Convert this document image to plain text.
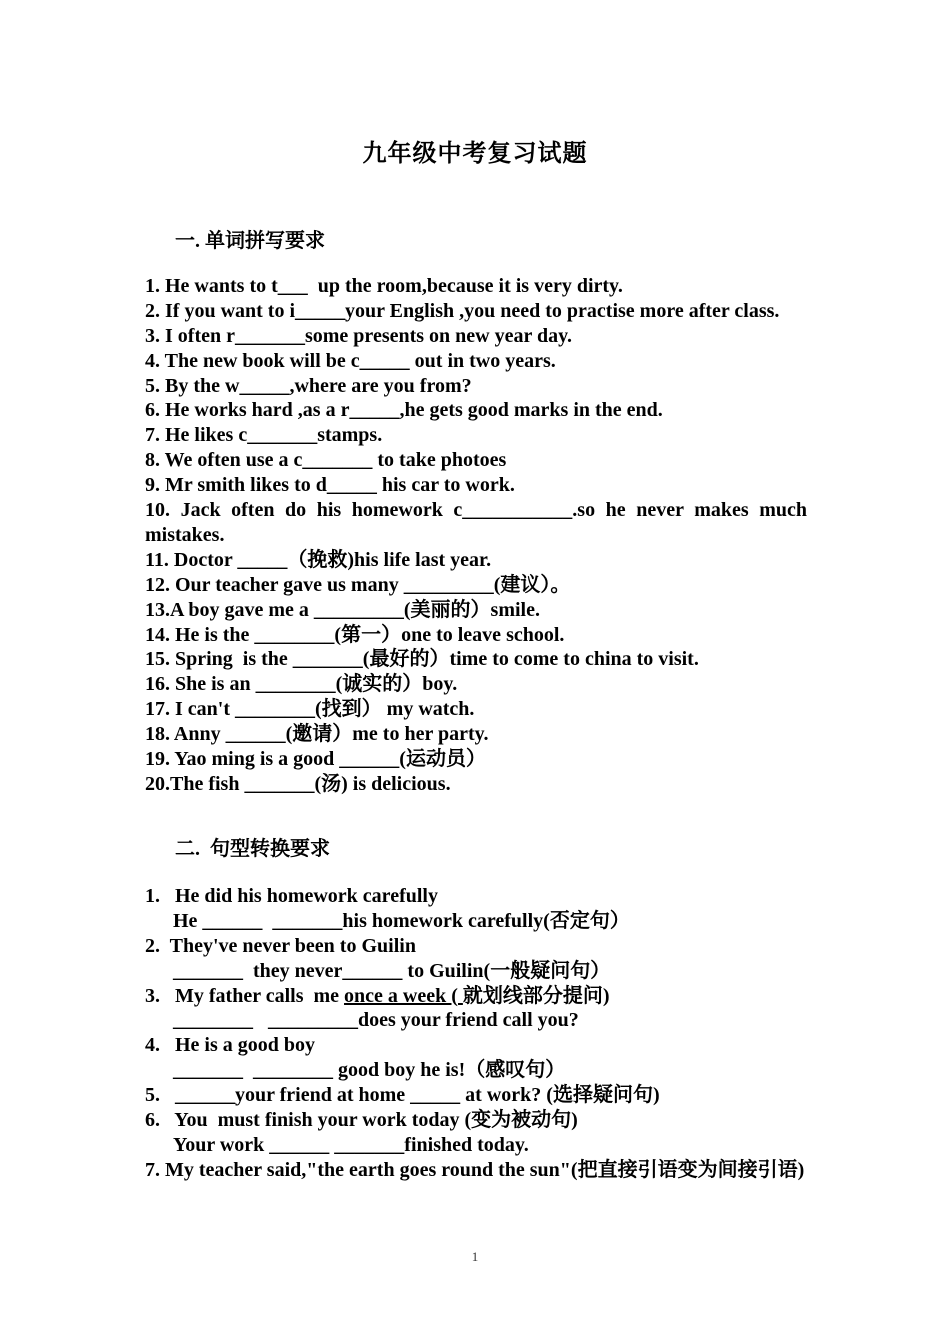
九年级中考复习试题
一. 单词拼写要求
1. He wants to t___  up the room,because it is very dirty.
2. If you want to i_____your English ,you need to practise more after class.
3. I often r_______some presents on new year day.
4. The new book will be c_____ out in two years.
5. By the w_____,where are you from?
6. He works hard ,as a r_____,he gets good marks in the end.
7. He likes c_______stamps.
8. We often use a c_______ to take photoes
9. Mr smith likes to d_____ his car to work.
10. Jack often do his homework c___________.so he never makes much mistakes.
11. Doctor _____（挽救)his life last year.
12. Our teacher gave us many _________(建议）。
13.A boy gave me a _________(美丽的）smile.
14. He is the ________(第一）one to leave school.
15. Spring  is the _______(最好的）time to come to china to visit.
16. She is an ________(诚实的）boy.
17. I can't ________(找到） my watch.
18. Anny ______(邀请）me to her party.
19. Yao ming is a good ______(运动员）
20.The fish _______(汤) is delicious.
二.  句型转换要求
1.   He did his homework carefully
He ______  _______his homework carefully(否定句）
2.  They've never been to Guilin
_______  they never______ to Guilin(一般疑问句）
3.   My father calls  me once a week ( 就划线部分提问)
________   _________does your friend call you?
4.   He is a good boy
_______  ________ good boy he is!（感叹句）
5.   ______your friend at home _____ at work? (选择疑问句)
6.   You  must finish your work today (变为被动句)
Your work ______ _______finished today.
7. My teacher said,"the earth goes round the sun"(把直接引语变为间接引语)
1
